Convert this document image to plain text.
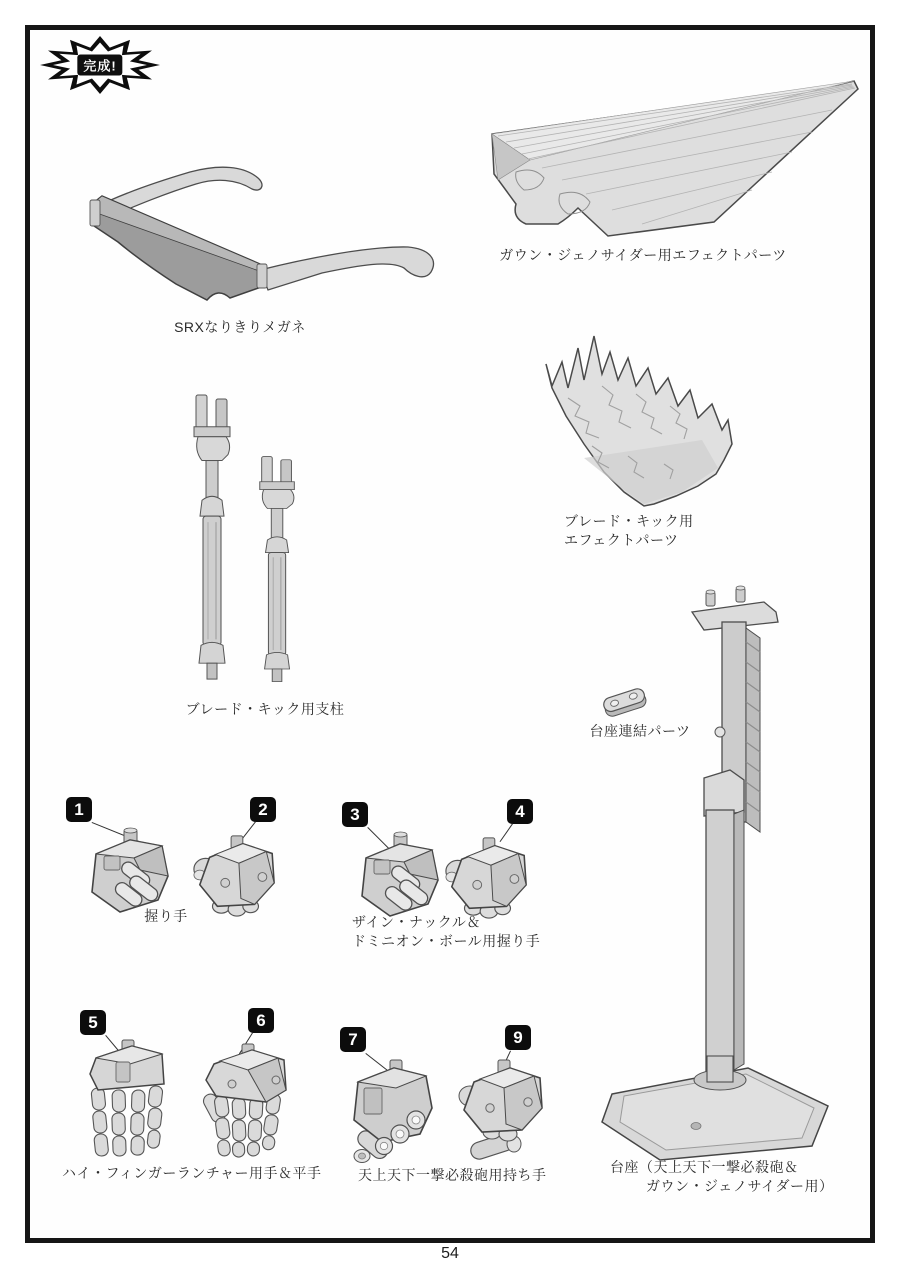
完成!
SRXなりきりメガネ
ガウン・ジェノサイダー用エフェクトパーツ
ブレード・キック用
エフェクトパーツ
ブレード・キック用支柱
台座連結パーツ
台座（天上天下一撃必殺砲＆
ガウン・ジェノサイダー用）
1	2
握り手
3	4
ザイン・ナックル＆
ドミニオン・ボール用握り手
5	6
ハイ・フィンガーランチャー用手＆平手
7	9
天上天下一撃必殺砲用持ち手
54
